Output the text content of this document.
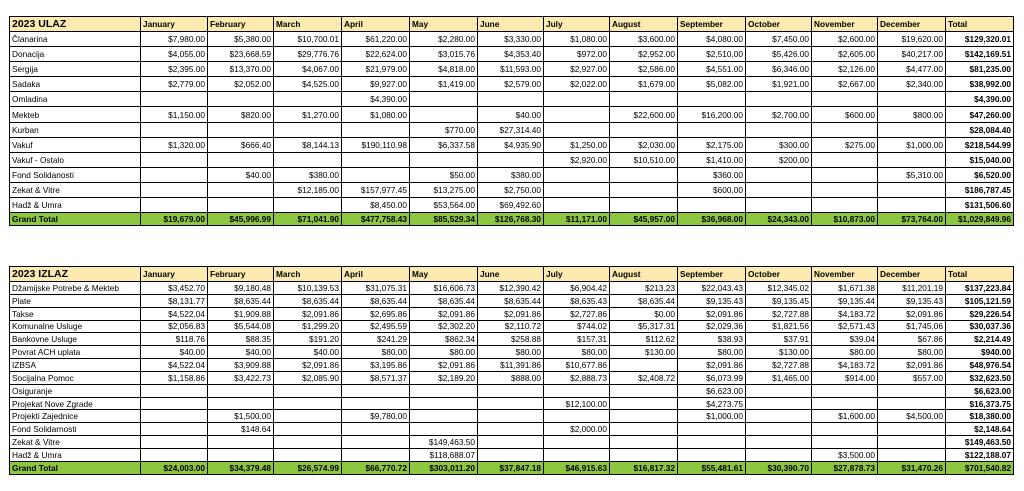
2023 ULAZ	January	February	March	April	May	June	July	August	September	October	November	December	Total
Članarina	$7,980.00	$5,380.00	$10,700.01	$61,220.00	$2,280.00	$3,330.00	$1,080.00	$3,600.00	$4,080.00	$7,450.00	$2,600.00	$19,620.00	$129,320.01
Donacija	$4,055.00	$23,668.59	$29,776.76	$22,624.00	$3,015.76	$4,353.40	$972.00	$2,952.00	$2,510.00	$5,426.00	$2,605.00	$40,217.00	$142,169.51
Sergija	$2,395.00	$13,370.00	$4,067.00	$21,979.00	$4,818.00	$11,593.00	$2,927.00	$2,586.00	$4,551.00	$6,346.00	$2,126.00	$4,477.00	$81,235.00
Sadaka	$2,779.00	$2,052.00	$4,525.00	$9,927.00	$1,419.00	$2,579.00	$2,022.00	$1,679.00	$5,082.00	$1,921.00	$2,667.00	$2,340.00	$38,992.00
Omladina				$4,390.00									$4,390.00
Mekteb	$1,150.00	$820.00	$1,270.00	$1,080.00		$40.00		$22,600.00	$16,200.00	$2,700.00	$600.00	$800.00	$47,260.00
Kurban					$770.00	$27,314.40							$28,084.40
Vakuf	$1,320.00	$666.40	$8,144.13	$190,110.98	$6,337.58	$4,935.90	$1,250.00	$2,030.00	$2,175.00	$300.00	$275.00	$1,000.00	$218,544.99
Vakuf - Ostalo							$2,920.00	$10,510.00	$1,410.00	$200.00			$15,040.00
Fond Solidanosti		$40.00	$380.00		$50.00	$380.00			$360.00			$5,310.00	$6,520.00
Zekat & Vitre			$12,185.00	$157,977.45	$13,275.00	$2,750.00			$600.00				$186,787.45
Hadž & Umra				$8,450.00	$53,564.00	$69,492.60							$131,506.60
Grand Total	$19,679.00	$45,996.99	$71,041.90	$477,758.43	$85,529.34	$126,768.30	$11,171.00	$45,957.00	$36,968.00	$24,343.00	$10,873.00	$73,764.00	$1,029,849.96
2023 IZLAZ	January	February	March	April	May	June	July	August	September	October	November	December	Total
Džamijske Potrebe & Mekteb	$3,452.70	$9,180.48	$10,139.53	$31,075.31	$16,606.73	$12,390.42	$6,904.42	$213.23	$22,043.43	$12,345.02	$1,671.38	$11,201.19	$137,223.84
Plate	$8,131.77	$8,635.44	$8,635.44	$8,635.44	$8,635.44	$8,635.44	$8,635.43	$8,635.44	$9,135.43	$9,135.45	$9,135.44	$9,135.43	$105,121.59
Takse	$4,522.04	$1,909.88	$2,091.86	$2,695.86	$2,091.86	$2,091.86	$2,727.86	$0.00	$2,091.86	$2,727.88	$4,183.72	$2,091.86	$29,226.54
Komunalne Usluge	$2,056.83	$5,544.08	$1,299.20	$2,495.59	$2,302.20	$2,110.72	$744.02	$5,317.31	$2,029.36	$1,821.56	$2,571.43	$1,745.06	$30,037.36
Bankovne Usluge	$118.76	$88.35	$191.20	$241.29	$862.34	$258.88	$157.31	$112.62	$38.93	$37.91	$39.04	$67.86	$2,214.49
Povrat ACH uplata	$40.00	$40.00	$40.00	$80.00	$80.00	$80.00	$80.00	$130.00	$80.00	$130.00	$80.00	$80.00	$940.00
IZBSA	$4,522.04	$3,909.88	$2,091.86	$3,195.86	$2,091.86	$11,391.86	$10,677.86		$2,091.86	$2,727.88	$4,183.72	$2,091.86	$48,976.54
Socijalna Pomoc	$1,158.86	$3,422.73	$2,085.90	$8,571.37	$2,189.20	$888.00	$2,888.73	$2,408.72	$6,073.99	$1,465.00	$914.00	$557.00	$32,623.50
Osiguranje									$6,623.00				$6,623.00
Projekat Nove Zgrade							$12,100.00		$4,273.75				$16,373.75
Projekti Zajednice		$1,500.00		$9,780.00					$1,000.00		$1,600.00	$4,500.00	$18,380.00
Fond Solidarnosti		$148.64					$2,000.00						$2,148.64
Zekat & Vitre					$149,463.50								$149,463.50
Hadž & Umra					$118,688.07						$3,500.00		$122,188.07
Grand Total	$24,003.00	$34,379.48	$26,574.99	$66,770.72	$303,011.20	$37,847.18	$46,915.63	$16,817.32	$55,481.61	$30,390.70	$27,878.73	$31,470.26	$701,540.82
